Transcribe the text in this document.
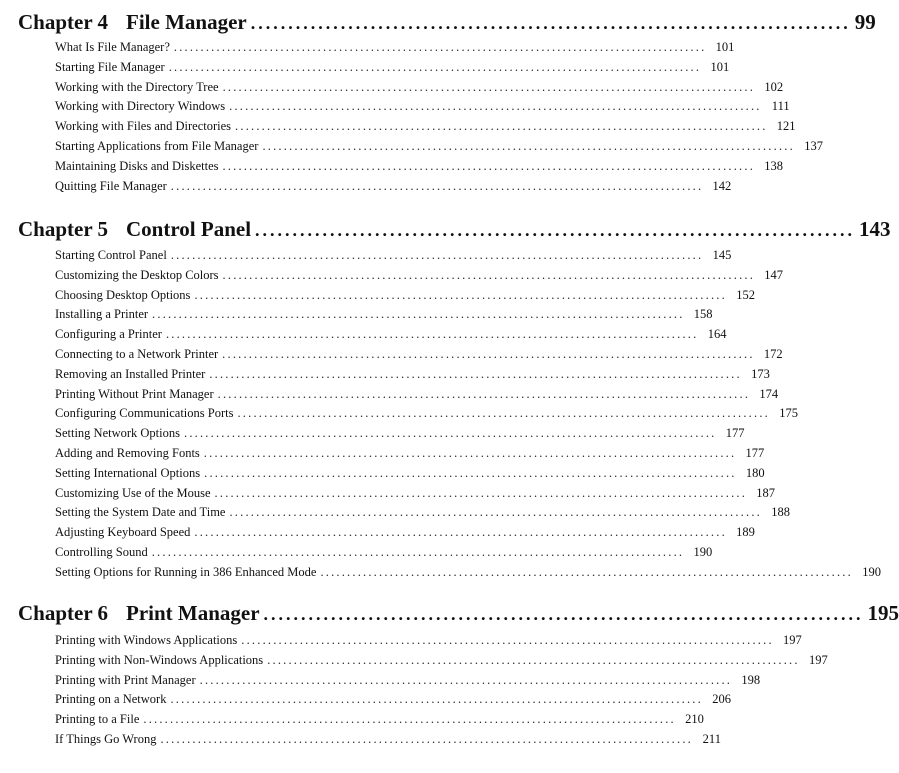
Chapter 4 File Manager ................................................................................ 99
What Is File Manager? .................................................................................................... 101
Starting File Manager .................................................................................................... 101
Working with the Directory Tree .................................................................................................... 102
Working with Directory Windows .................................................................................................... 111
Working with Files and Directories .................................................................................................... 121
Starting Applications from File Manager .................................................................................................... 137
Maintaining Disks and Diskettes .................................................................................................... 138
Quitting File Manager .................................................................................................... 142
Chapter 5 Control Panel ................................................................................ 143
Starting Control Panel .................................................................................................... 145
Customizing the Desktop Colors .................................................................................................... 147
Choosing Desktop Options .................................................................................................... 152
Installing a Printer .................................................................................................... 158
Configuring a Printer .................................................................................................... 164
Connecting to a Network Printer .................................................................................................... 172
Removing an Installed Printer .................................................................................................... 173
Printing Without Print Manager .................................................................................................... 174
Configuring Communications Ports .................................................................................................... 175
Setting Network Options .................................................................................................... 177
Adding and Removing Fonts .................................................................................................... 177
Setting International Options .................................................................................................... 180
Customizing Use of the Mouse .................................................................................................... 187
Setting the System Date and Time .................................................................................................... 188
Adjusting Keyboard Speed .................................................................................................... 189
Controlling Sound .................................................................................................... 190
Setting Options for Running in 386 Enhanced Mode .................................................................................................... 190
Chapter 6 Print Manager ................................................................................ 195
Printing with Windows Applications .................................................................................................... 197
Printing with Non-Windows Applications .................................................................................................... 197
Printing with Print Manager .................................................................................................... 198
Printing on a Network .................................................................................................... 206
Printing to a File .................................................................................................... 210
If Things Go Wrong .................................................................................................... 211
